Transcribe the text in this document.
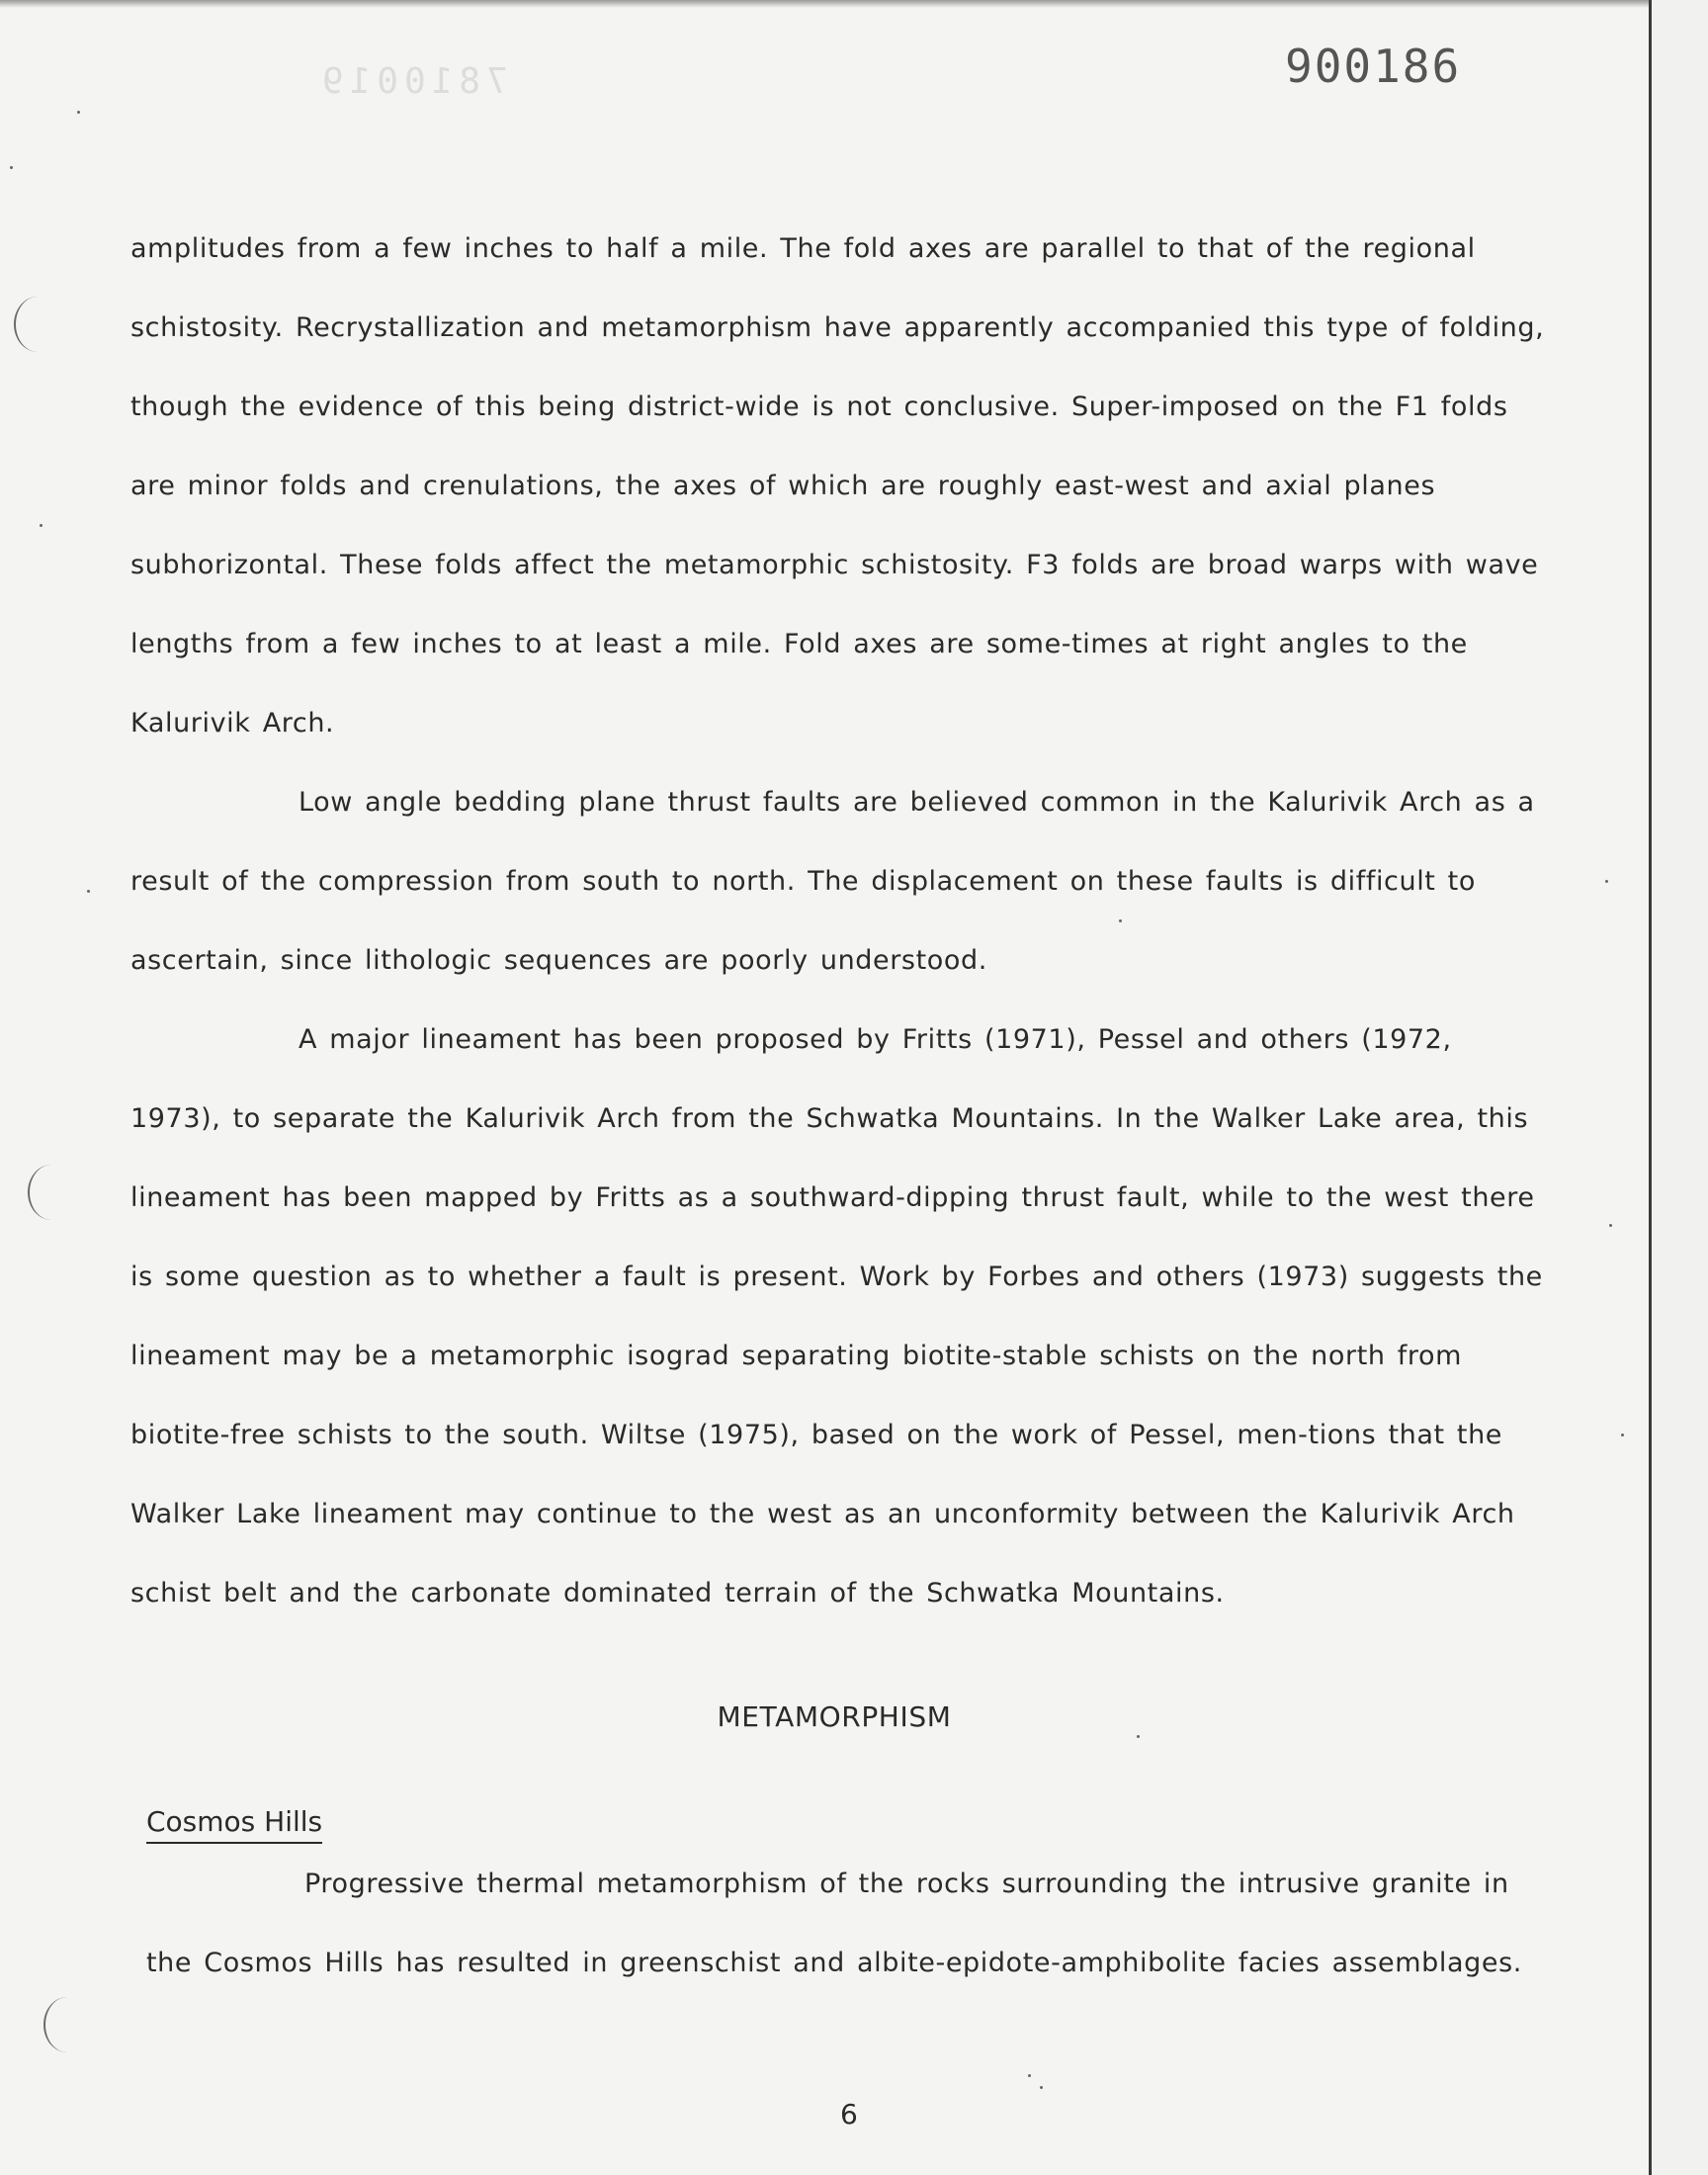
7810019	900186
amplitudes from a few inches to half a mile. The fold axes are parallel to that of the regional schistosity. Recrystallization and metamorphism have apparently accompanied this type of folding, though the evidence of this being district-wide is not conclusive. Super-imposed on the F1 folds are minor folds and crenulations, the axes of which are roughly east-west and axial planes subhorizontal. These folds affect the metamorphic schistosity. F3 folds are broad warps with wave lengths from a few inches to at least a mile. Fold axes are some-times at right angles to the Kalurivik Arch.
Low angle bedding plane thrust faults are believed common in the Kalurivik Arch as a result of the compression from south to north. The displacement on these faults is difficult to ascertain, since lithologic sequences are poorly understood.
A major lineament has been proposed by Fritts (1971), Pessel and others (1972, 1973), to separate the Kalurivik Arch from the Schwatka Mountains. In the Walker Lake area, this lineament has been mapped by Fritts as a southward-dipping thrust fault, while to the west there is some question as to whether a fault is present. Work by Forbes and others (1973) suggests the lineament may be a metamorphic isograd separating biotite-stable schists on the north from biotite-free schists to the south. Wiltse (1975), based on the work of Pessel, men-tions that the Walker Lake lineament may continue to the west as an unconformity between the Kalurivik Arch schist belt and the carbonate dominated terrain of the Schwatka Mountains.
METAMORPHISM
Cosmos Hills
Progressive thermal metamorphism of the rocks surrounding the intrusive granite in the Cosmos Hills has resulted in greenschist and albite-epidote-amphibolite facies assemblages.
6
